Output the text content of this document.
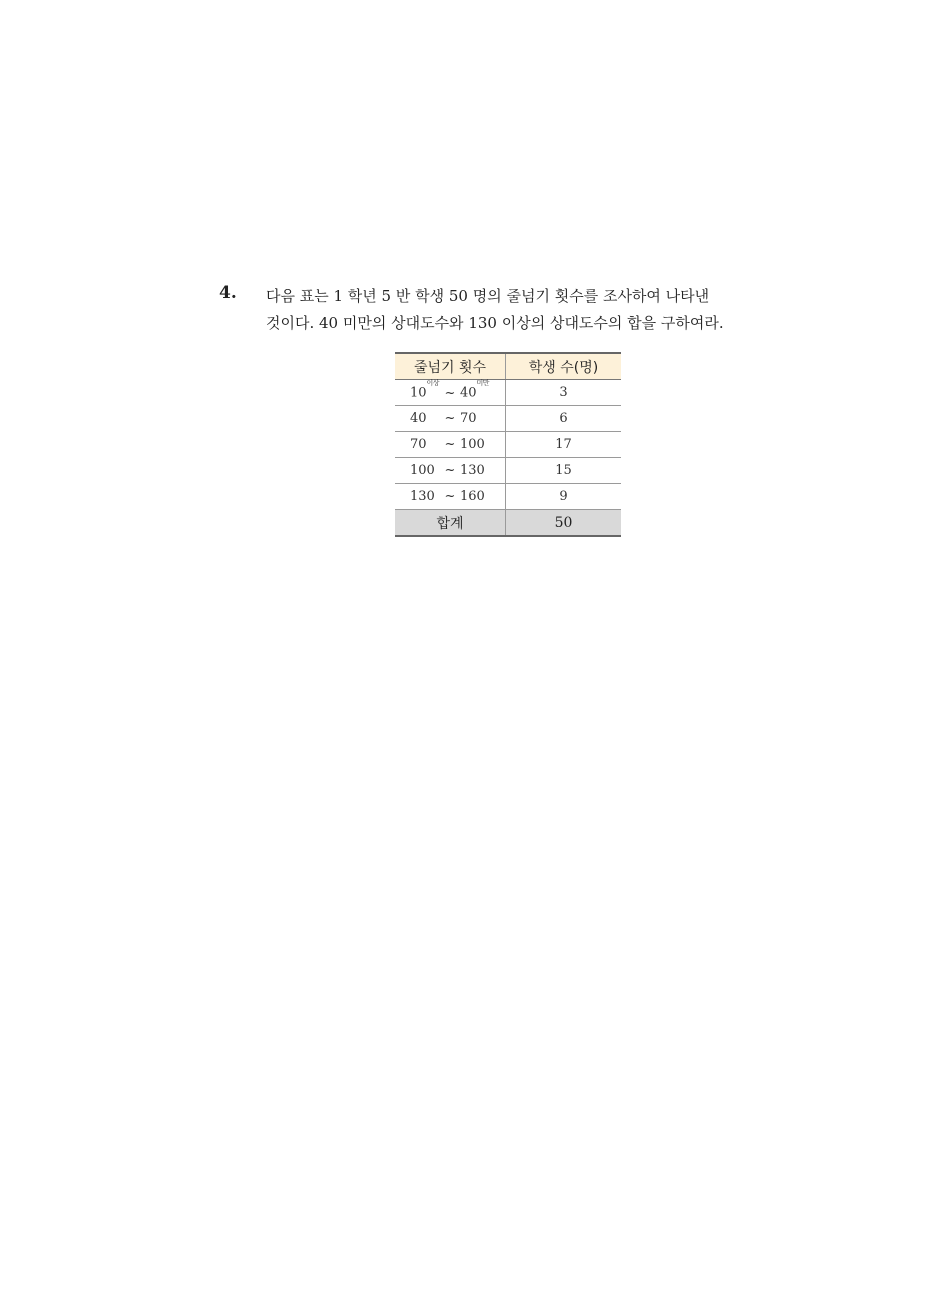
4. 다음 표는 1 학년 5 반 학생 50 명의 줄넘기 횟수를 조사하여 나타낸
것이다. 40 미만의 상대도수와 130 이상의 상대도수의 합을 구하여라.
줄넘기 횟수	학생 수(명)
$10^{이상}\sim$ $40^{미만}$	3
40 ~ 70	6
70 ~ 100	17
100 ~ 130	15
130 ~ 160	9
합계	50
